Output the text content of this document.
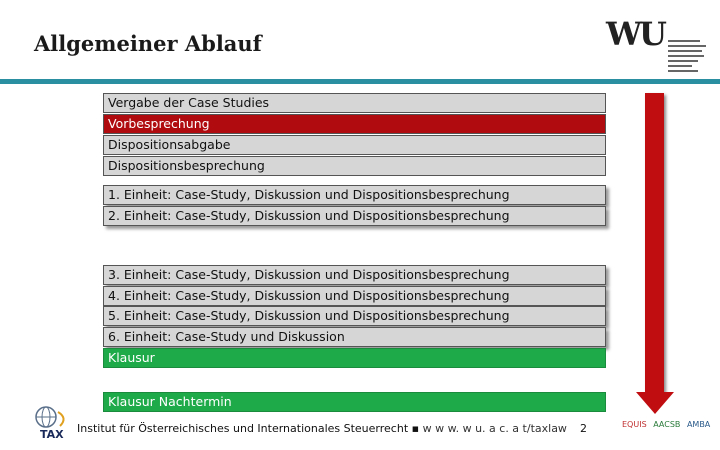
Allgemeiner Ablauf	WU
Vergabe der Case Studies
Vorbesprechung
Dispositionsabgabe
Dispositionsbesprechung
1. Einheit: Case-Study, Diskussion und Dispositionsbesprechung
2. Einheit: Case-Study, Diskussion und Dispositionsbesprechung
3. Einheit: Case-Study, Diskussion und Dispositionsbesprechung
4. Einheit: Case-Study, Diskussion und Dispositionsbesprechung
5. Einheit: Case-Study, Diskussion und Dispositionsbesprechung
6. Einheit: Case-Study und Diskussion
Klausur
Klausur Nachtermin
TAX Institut für Österreichisches und Internationales Steuerrecht ▪ w w w. w u. a c. a t/taxlaw 2	EQUIS AACSB AMBA
